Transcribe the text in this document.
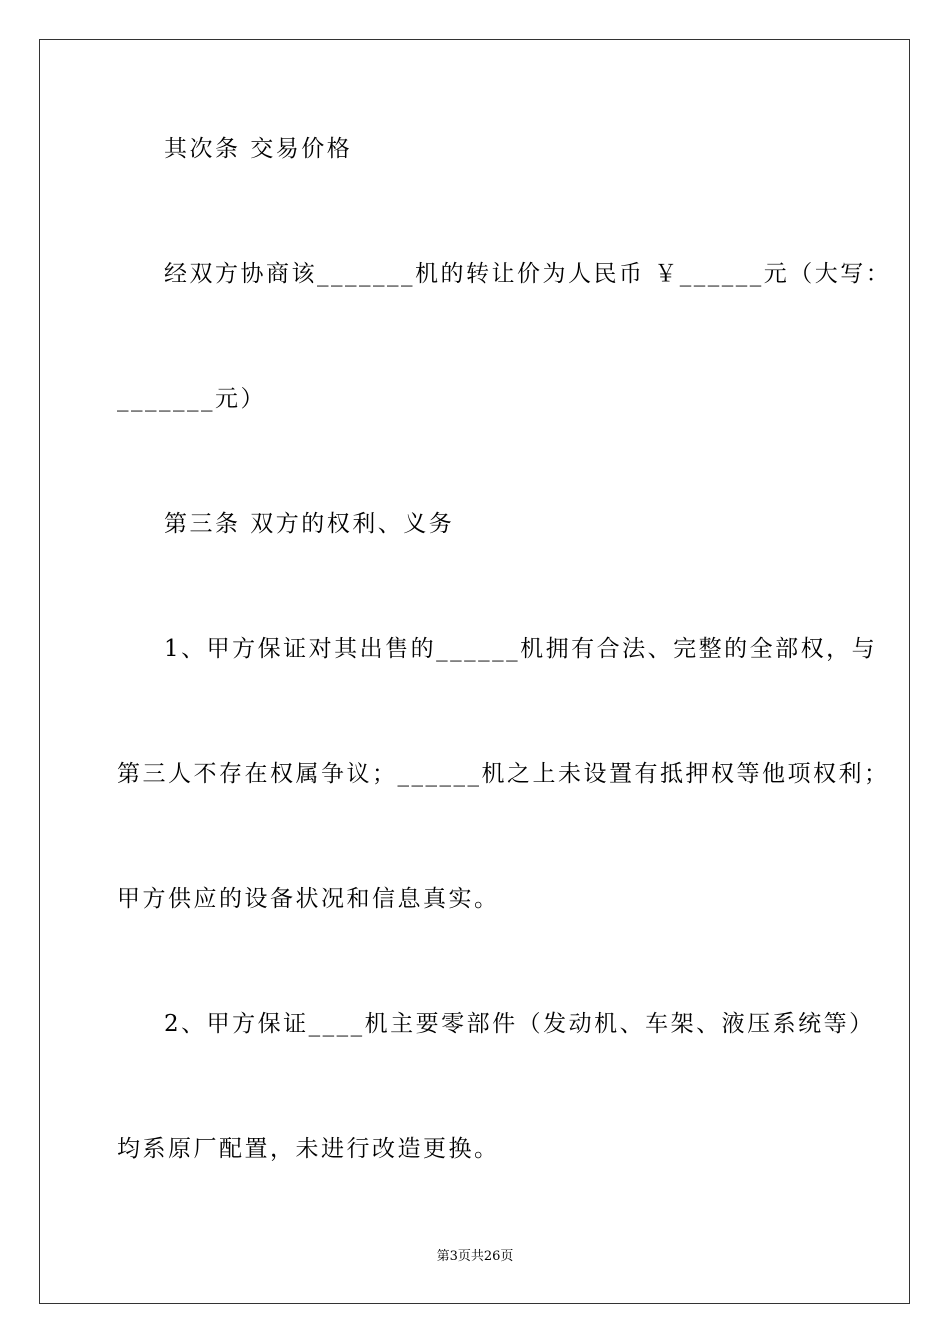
其次条 交易价格
经双方协商该_______机的转让价为人民币 ￥______元（大写：
_______元）
第三条 双方的权利、义务
1、甲方保证对其出售的______机拥有合法、完整的全部权，与
第三人不存在权属争议；______机之上未设置有抵押权等他项权利；
甲方供应的设备状况和信息真实。
2、甲方保证____机主要零部件（发动机、车架、液压系统等）
均系原厂配置，未进行改造更换。
第3页共26页
